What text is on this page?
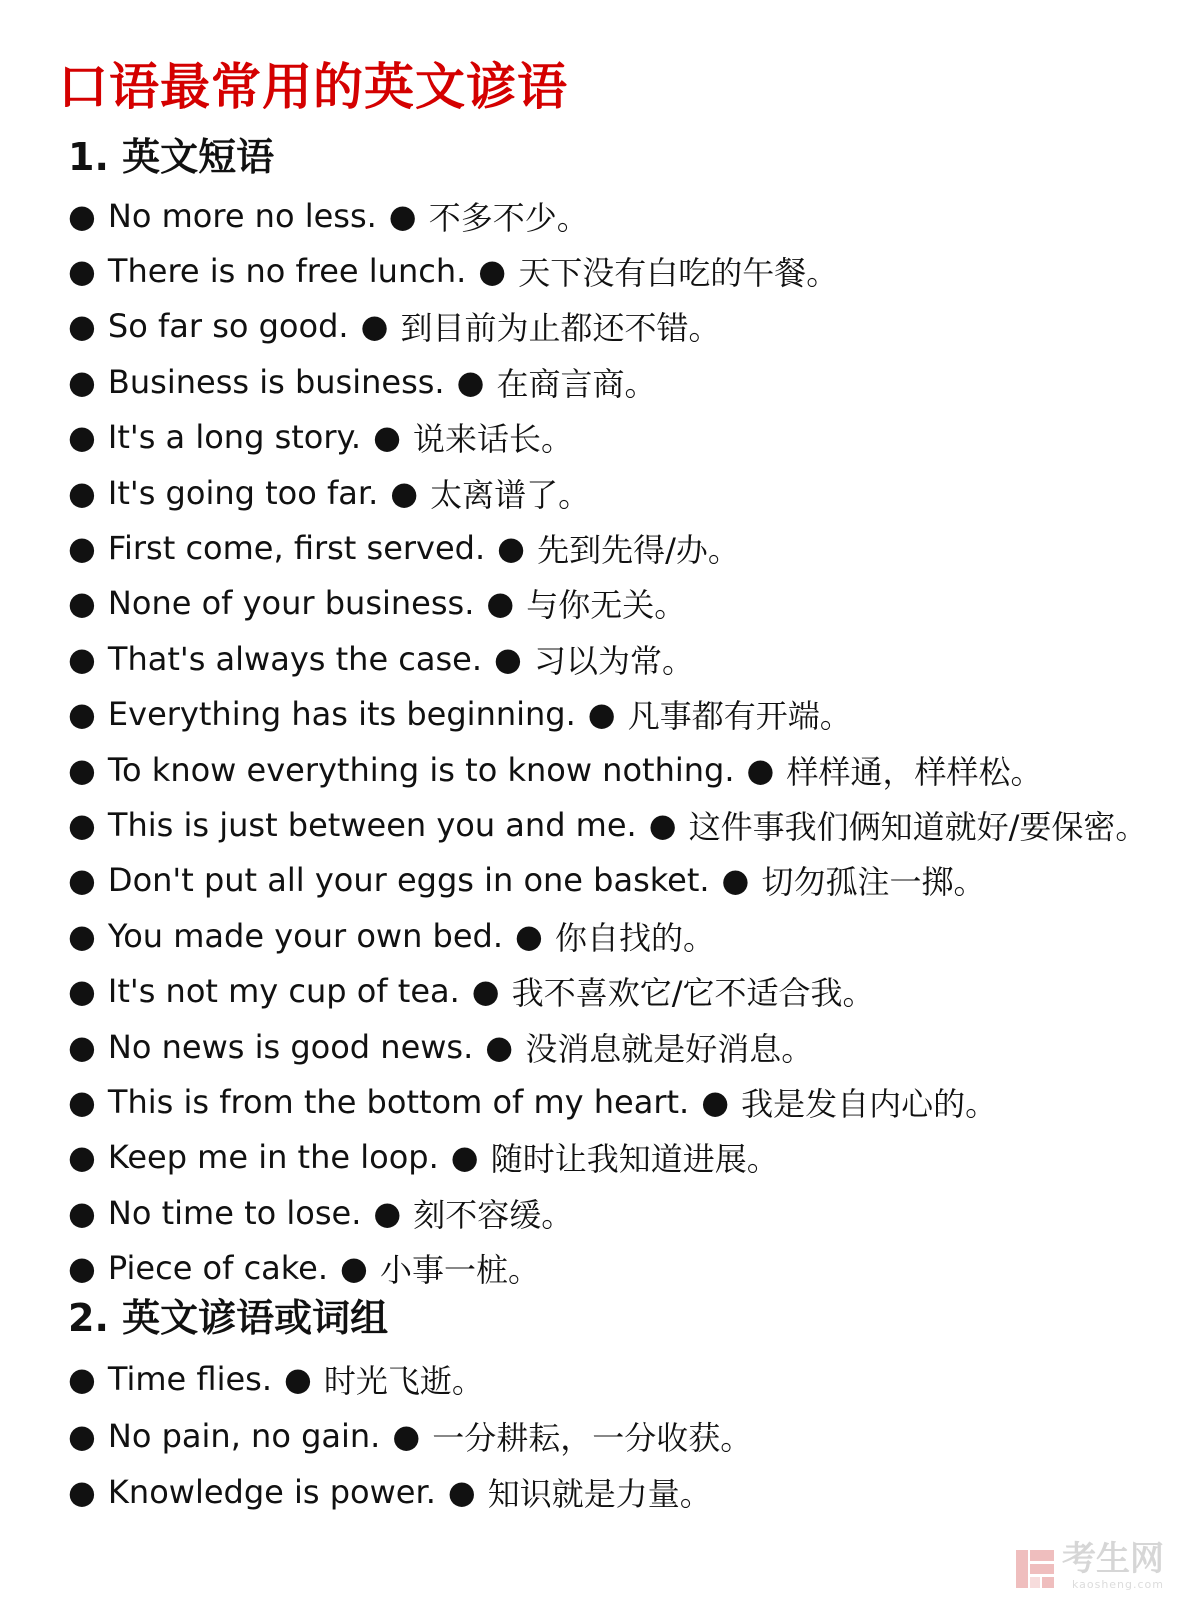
口语最常用的英文谚语
1. 英文短语
● No more no less. ● 不多不少。
● There is no free lunch. ● 天下没有白吃的午餐。
● So far so good. ● 到目前为止都还不错。
● Business is business. ● 在商言商。
● It's a long story. ● 说来话长。
● It's going too far. ● 太离谱了。
● First come, first served. ● 先到先得/办。
● None of your business. ● 与你无关。
● That's always the case. ● 习以为常。
● Everything has its beginning. ● 凡事都有开端。
● To know everything is to know nothing. ● 样样通，样样松。
● This is just between you and me. ● 这件事我们俩知道就好/要保密。
● Don't put all your eggs in one basket. ● 切勿孤注一掷。
● You made your own bed. ● 你自找的。
● It's not my cup of tea. ● 我不喜欢它/它不适合我。
● No news is good news. ● 没消息就是好消息。
● This is from the bottom of my heart. ● 我是发自内心的。
● Keep me in the loop. ● 随时让我知道进展。
● No time to lose. ● 刻不容缓。
● Piece of cake. ● 小事一桩。
2. 英文谚语或词组
● Time flies. ● 时光飞逝。
● No pain, no gain. ● 一分耕耘，一分收获。
● Knowledge is power. ● 知识就是力量。
考生网
kaosheng.com
